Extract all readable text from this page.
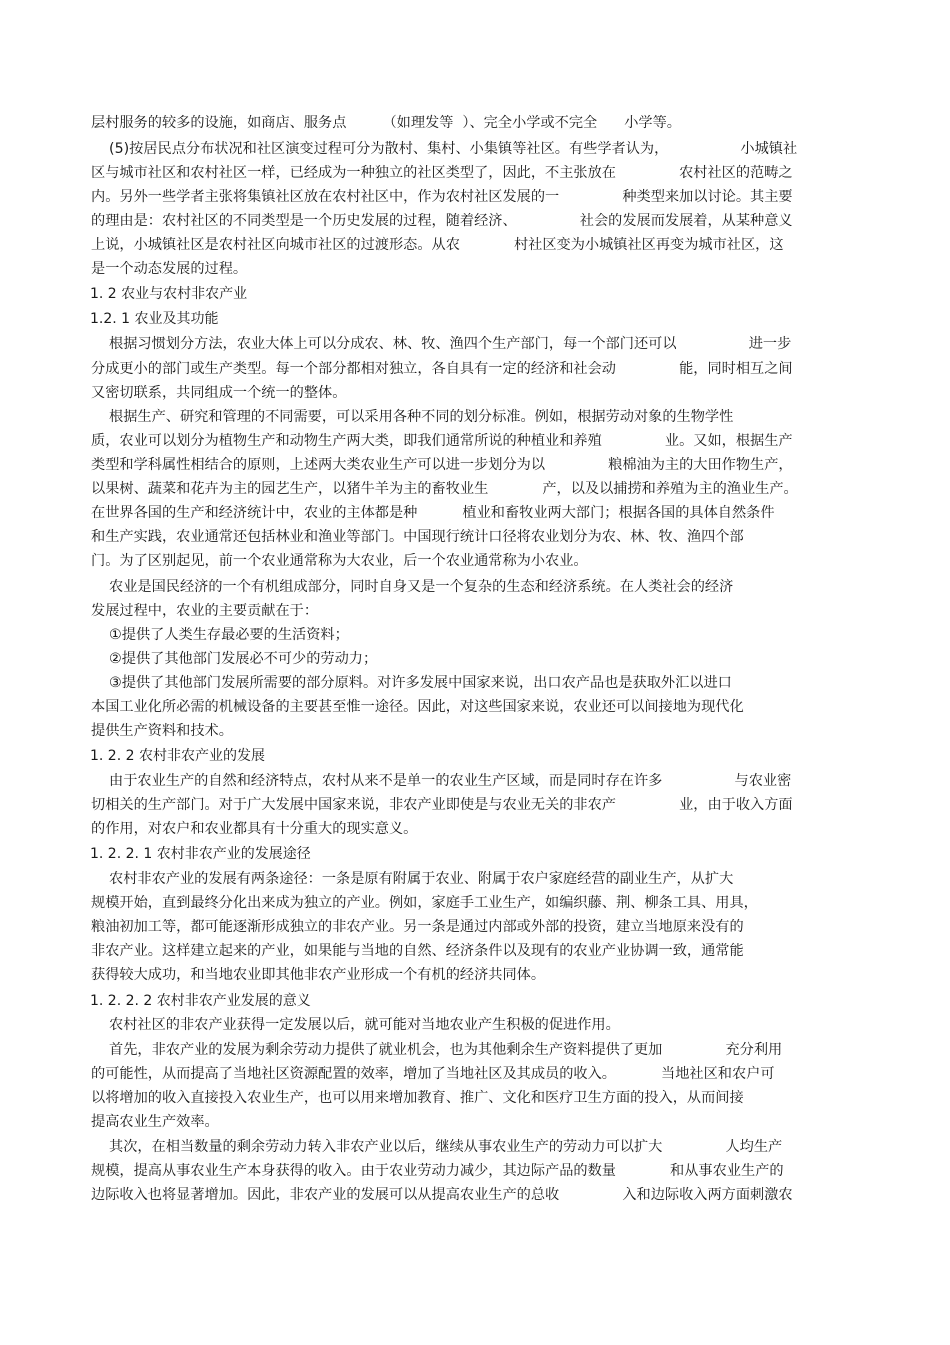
层村服务的较多的设施，如商店、服务点        （如理发等  ）、完全小学或不完全      小学等。

(5)按居民点分布状况和社区演变过程可分为散村、集村、小集镇等社区。有些学者认为，                小城镇社

区与城市社区和农村社区一样，已经成为一种独立的社区类型了，因此，不主张放在              农村社区的范畴之

内。另外一些学者主张将集镇社区放在农村社区中，作为农村社区发展的一              种类型来加以讨论。其主要

的理由是：农村社区的不同类型是一个历史发展的过程，随着经济、              社会的发展而发展着，从某种意义

上说，小城镇社区是农村社区向城市社区的过渡形态。从农            村社区变为小城镇社区再变为城市社区，这

是一个动态发展的过程。

1. 2 农业与农村非农产业

1.2. 1 农业及其功能

根据习惯划分方法，农业大体上可以分成农、林、牧、渔四个生产部门，每一个部门还可以                进一步

分成更小的部门或生产类型。每一个部分都相对独立，各自具有一定的经济和社会动              能，同时相互之间

又密切联系，共同组成一个统一的整体。

根据生产、研究和管理的不同需要，可以采用各种不同的划分标准。例如，根据劳动对象的生物学性

质，农业可以划分为植物生产和动物生产两大类，即我们通常所说的种植业和养殖              业。又如，根据生产

类型和学科属性相结合的原则，上述两大类农业生产可以进一步划分为以              粮棉油为主的大田作物生产，

以果树、蔬菜和花卉为主的园艺生产，以猪牛羊为主的畜牧业生            产，以及以捕捞和养殖为主的渔业生产。

在世界各国的生产和经济统计中，农业的主体都是种          植业和畜牧业两大部门；根据各国的具体自然条件

和生产实践，农业通常还包括林业和渔业等部门。中国现行统计口径将农业划分为农、林、牧、渔四个部

门。为了区别起见，前一个农业通常称为大农业，后一个农业通常称为小农业。

农业是国民经济的一个有机组成部分，同时自身又是一个复杂的生态和经济系统。在人类社会的经济

发展过程中，农业的主要贡献在于：

①提供了人类生存最必要的生活资料；

②提供了其他部门发展必不可少的劳动力；

③提供了其他部门发展所需要的部分原料。对许多发展中国家来说，出口农产品也是获取外汇以进口

本国工业化所必需的机械设备的主要甚至惟一途径。因此，对这些国家来说，农业还可以间接地为现代化

提供生产资料和技术。

1. 2. 2 农村非农产业的发展

由于农业生产的自然和经济特点，农村从来不是单一的农业生产区域，而是同时存在许多                与农业密

切相关的生产部门。对于广大发展中国家来说，非农产业即使是与农业无关的非农产              业，由于收入方面

的作用，对农户和农业都具有十分重大的现实意义。

1. 2. 2. 1 农村非农产业的发展途径

农村非农产业的发展有两条途径：一条是原有附属于农业、附属于农户家庭经营的副业生产，从扩大

规模开始，直到最终分化出来成为独立的产业。例如，家庭手工业生产，如编织藤、荆、柳条工具、用具，

粮油初加工等，都可能逐渐形成独立的非农产业。另一条是通过内部或外部的投资，建立当地原来没有的

非农产业。这样建立起来的产业，如果能与当地的自然、经济条件以及现有的农业产业协调一致，通常能

获得较大成功，和当地农业即其他非农产业形成一个有机的经济共同体。

1. 2. 2. 2 农村非农产业发展的意义

农村社区的非农产业获得一定发展以后，就可能对当地农业产生积极的促进作用。

首先，非农产业的发展为剩余劳动力提供了就业机会，也为其他剩余生产资料提供了更加              充分利用

的可能性，从而提高了当地社区资源配置的效率，增加了当地社区及其成员的收入。          当地社区和农户可

以将增加的收入直接投入农业生产，也可以用来增加教育、推广、文化和医疗卫生方面的投入，从而间接

提高农业生产效率。

其次，在相当数量的剩余劳动力转入非农产业以后，继续从事农业生产的劳动力可以扩大              人均生产

规模，提高从事农业生产本身获得的收入。由于农业劳动力减少，其边际产品的数量            和从事农业生产的

边际收入也将显著增加。因此，非农产业的发展可以从提高农业生产的总收              入和边际收入两方面刺激农
